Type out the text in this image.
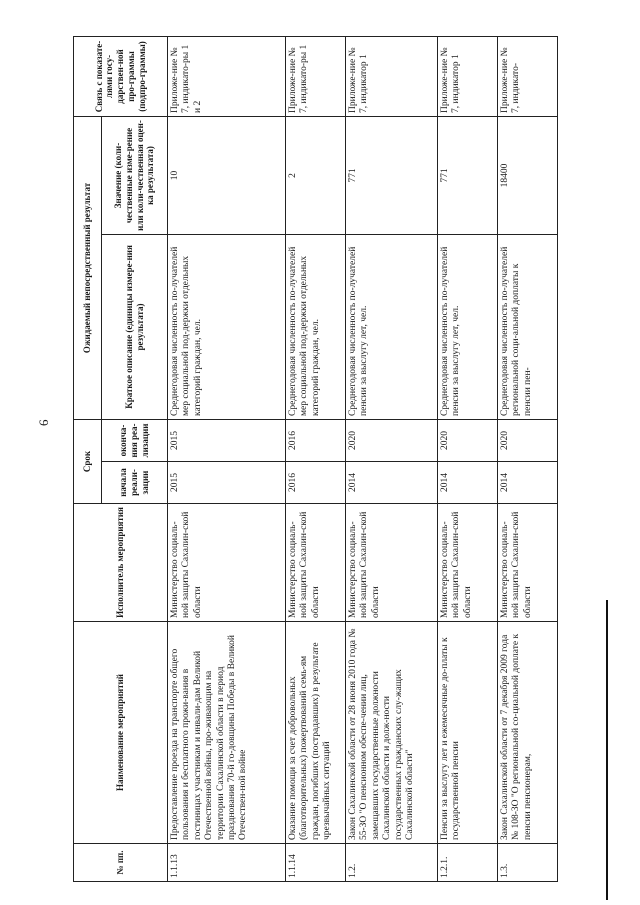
6
№ пп.	Наименование мероприятий	Исполнитель мероприятия	Срок		Ожидаемый непосредственный результат		Связь с показате-лями госу-дарствен-ной про-граммы (подпро-граммы)
			начала реали-зации	оконча-ния реа-лизации	Краткое описание (единицы измере-ния результата)	Значение (коли-чественные изме-рение или коли-чественная оцен-ка результата)	
1.1.13	Предоставление проезда на транспорте общего пользования и бесплатного прожи-вания в гостиницах участникам и инвали-дам Великой Отечественной войны, про-живающим на территории Сахалинской области в период празднования 70-й го-довщины Победы в Великой Отечествен-ной войне	Министерство социаль-ной защиты Сахалин-ской области	2015	2015	Среднегодовая численность по-лучателей мер социальной под-держки отдельных категорий граждан, чел.	10	Приложе-ние № 7, индикато-ры 1 и 2
1.1.14	Оказание помощи за счет добровольных (благотворительных) пожертвований семь-ям граждан, погибших (пострадавших) в результате чрезвычайных ситуаций	Министерство социаль-ной защиты Сахалин-ской области	2016	2016	Среднегодовая численность по-лучателей мер социальной под-держки отдельных категорий граждан, чел.	2	Приложе-ние № 7, индикато-ры 1
1.2.	Закон Сахалинской области от 28 июня 2010 года № 55-ЗО "О пенсионном обеспе-чении лиц, замещавших государственные должности Сахалинской области и долж-ности государственных гражданских слу-жащих Сахалинской области"	Министерство социаль-ной защиты Сахалин-ской области	2014	2020	Среднегодовая численность по-лучателей пенсии за выслугу лет, чел.	771	Приложе-ние № 7, индикатор 1
1.2.1.	Пенсии за выслугу лет и ежемесячные до-платы к государственной пенсии	Министерство социаль-ной защиты Сахалин-ской области	2014	2020	Среднегодовая численность по-лучателей пенсии за выслугу лет, чел.	771	Приложе-ние № 7, индикатор 1
1.3.	Закон Сахалинской области от 7 декабря 2009 года № 108-ЗО "О региональной со-циальной доплате к пенсии пенсионерам,	Министерство социаль-ной защиты Сахалин-ской области	2014	2020	Среднегодовая численность по-лучателей региональной соци-альной доплаты к пенсии пен-	18400	Приложе-ние № 7, индикато-
